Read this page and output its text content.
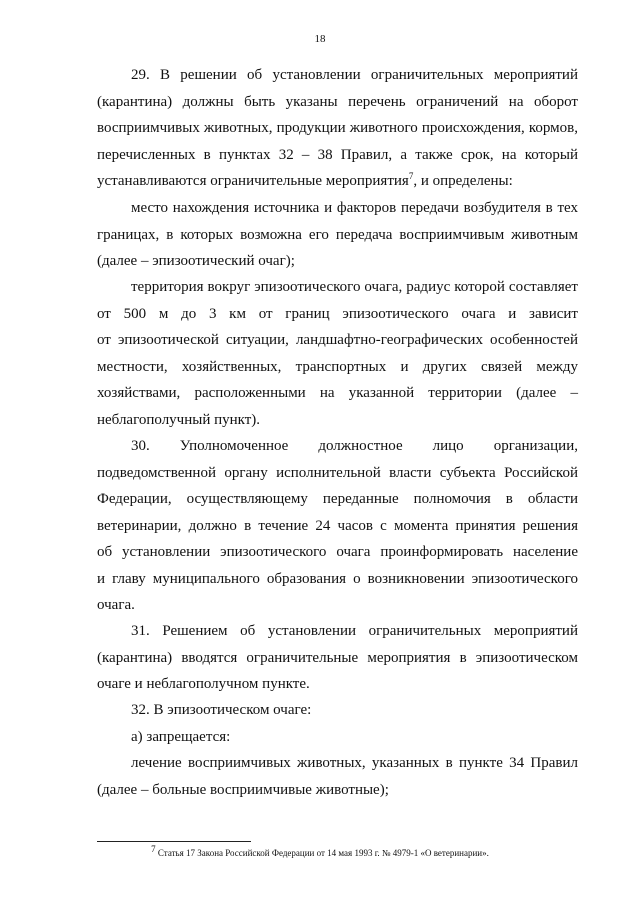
18
29. В решении об установлении ограничительных мероприятий
(карантина) должны быть указаны перечень ограничений на оборот
восприимчивых животных, продукции животного происхождения, кормов,
перечисленных в пунктах 32 – 38 Правил, а также срок, на который
устанавливаются ограничительные мероприятия$^7$, и определены:
место нахождения источника и факторов передачи возбудителя в тех
границах, в которых возможна его передача восприимчивым животным
(далее – эпизоотический очаг);
территория вокруг эпизоотического очага, радиус которой составляет
от 500 м до 3 км от границ эпизоотического очага и зависит
от эпизоотической ситуации, ландшафтно-географических особенностей
местности, хозяйственных, транспортных и других связей между
хозяйствами, расположенными на указанной территории (далее –
неблагополучный пункт).
30. Уполномоченное должностное лицо организации,
подведомственной органу исполнительной власти субъекта Российской
Федерации, осуществляющему переданные полномочия в области
ветеринарии, должно в течение 24 часов с момента принятия решения
об установлении эпизоотического очага проинформировать население
и главу муниципального образования о возникновении эпизоотического
очага.
31. Решением об установлении ограничительных мероприятий
(карантина) вводятся ограничительные мероприятия в эпизоотическом
очаге и неблагополучном пункте.
32. В эпизоотическом очаге:
а) запрещается:
лечение восприимчивых животных, указанных в пункте 34 Правил
(далее – больные восприимчивые животные);
$^7$ Статья 17 Закона Российской Федерации от 14 мая 1993 г. № 4979-1 «О ветеринарии».
